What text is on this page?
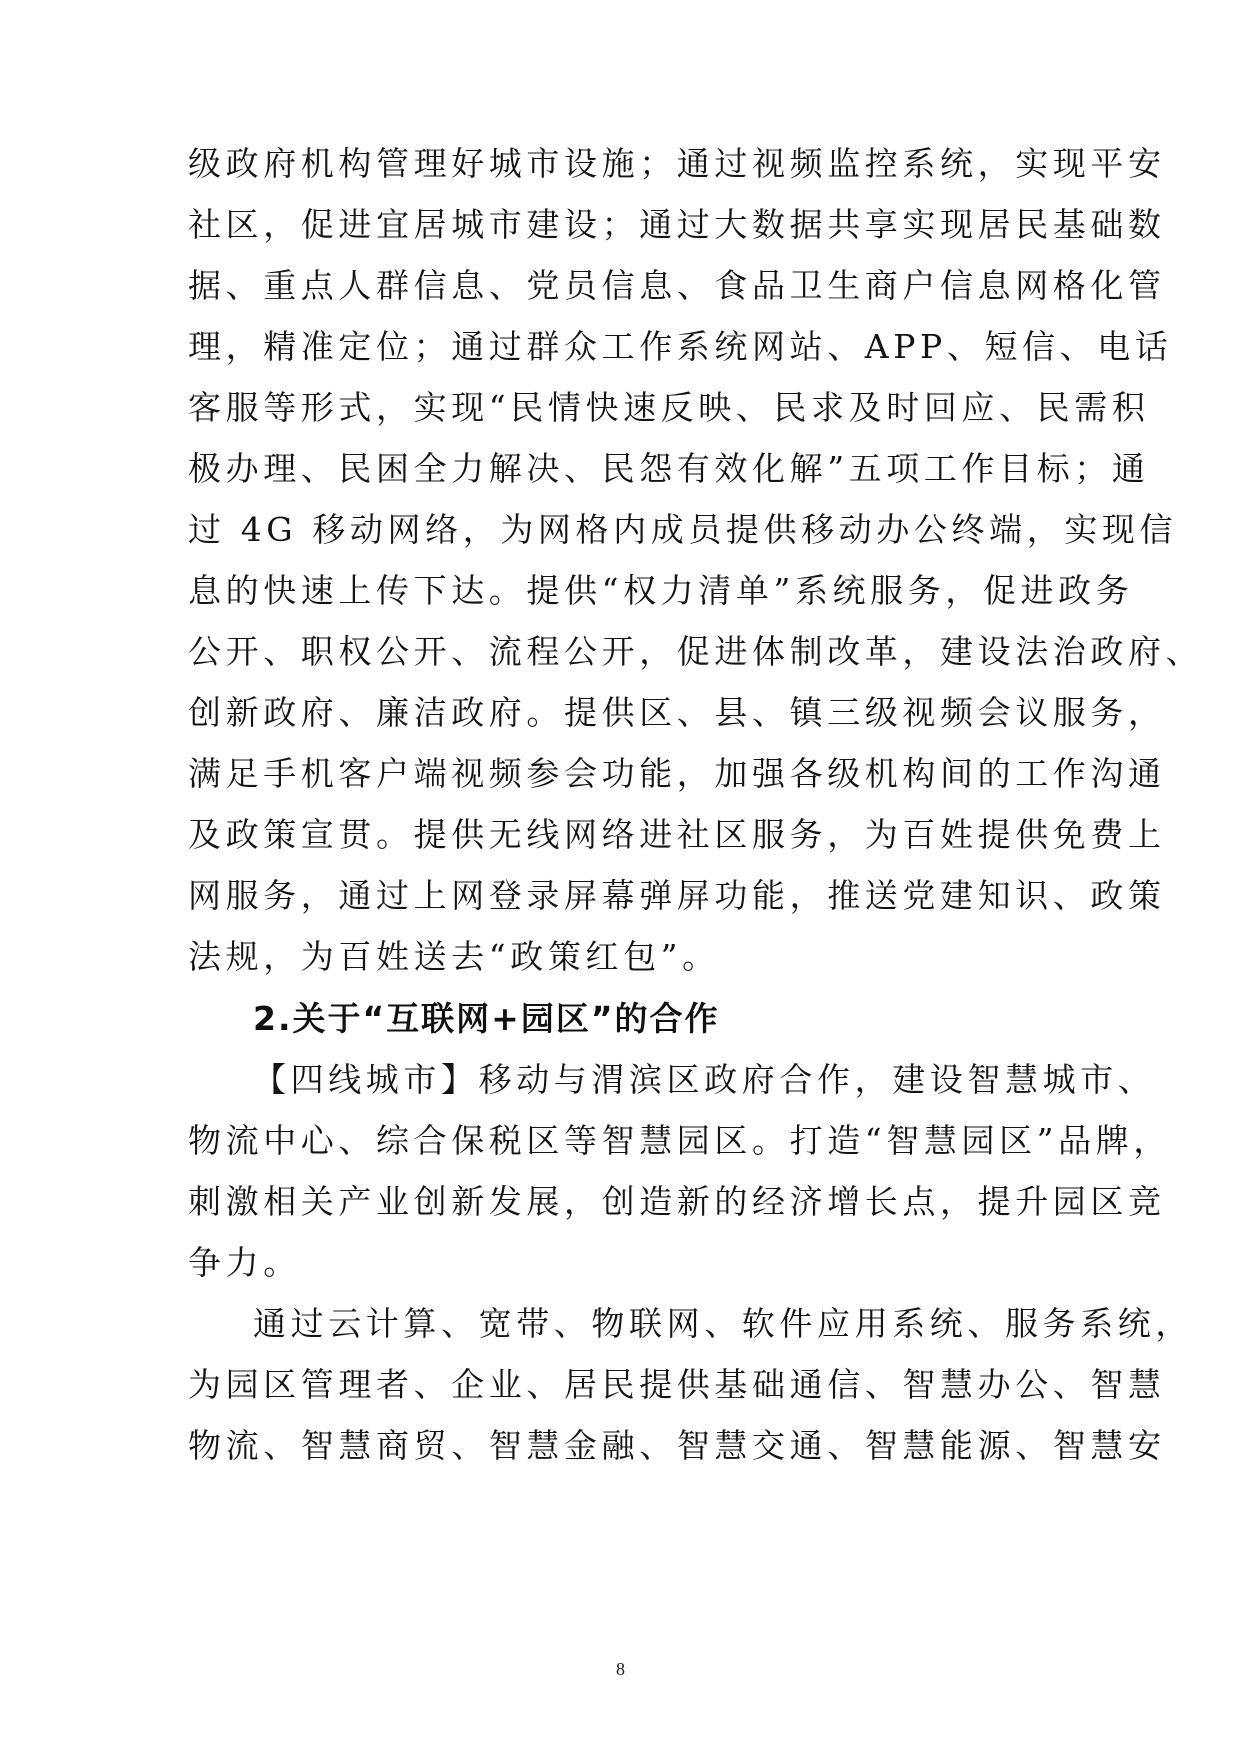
级政府机构管理好城市设施；通过视频监控系统，实现平安
社区，促进宜居城市建设；通过大数据共享实现居民基础数
据、重点人群信息、党员信息、食品卫生商户信息网格化管
理，精准定位；通过群众工作系统网站、APP、短信、电话
客服等形式，实现“民情快速反映、民求及时回应、民需积
极办理、民困全力解决、民怨有效化解”五项工作目标；通
过 4G 移动网络，为网格内成员提供移动办公终端，实现信
息的快速上传下达。提供“权力清单”系统服务，促进政务
公开、职权公开、流程公开，促进体制改革，建设法治政府、
创新政府、廉洁政府。提供区、县、镇三级视频会议服务，
满足手机客户端视频参会功能，加强各级机构间的工作沟通
及政策宣贯。提供无线网络进社区服务，为百姓提供免费上
网服务，通过上网登录屏幕弹屏功能，推送党建知识、政策
法规，为百姓送去“政策红包”。
2.关于“互联网+园区”的合作
【四线城市】移动与渭滨区政府合作，建设智慧城市、
物流中心、综合保税区等智慧园区。打造“智慧园区”品牌，
刺激相关产业创新发展，创造新的经济增长点，提升园区竞
争力。
通过云计算、宽带、物联网、软件应用系统、服务系统，
为园区管理者、企业、居民提供基础通信、智慧办公、智慧
物流、智慧商贸、智慧金融、智慧交通、智慧能源、智慧安
8
